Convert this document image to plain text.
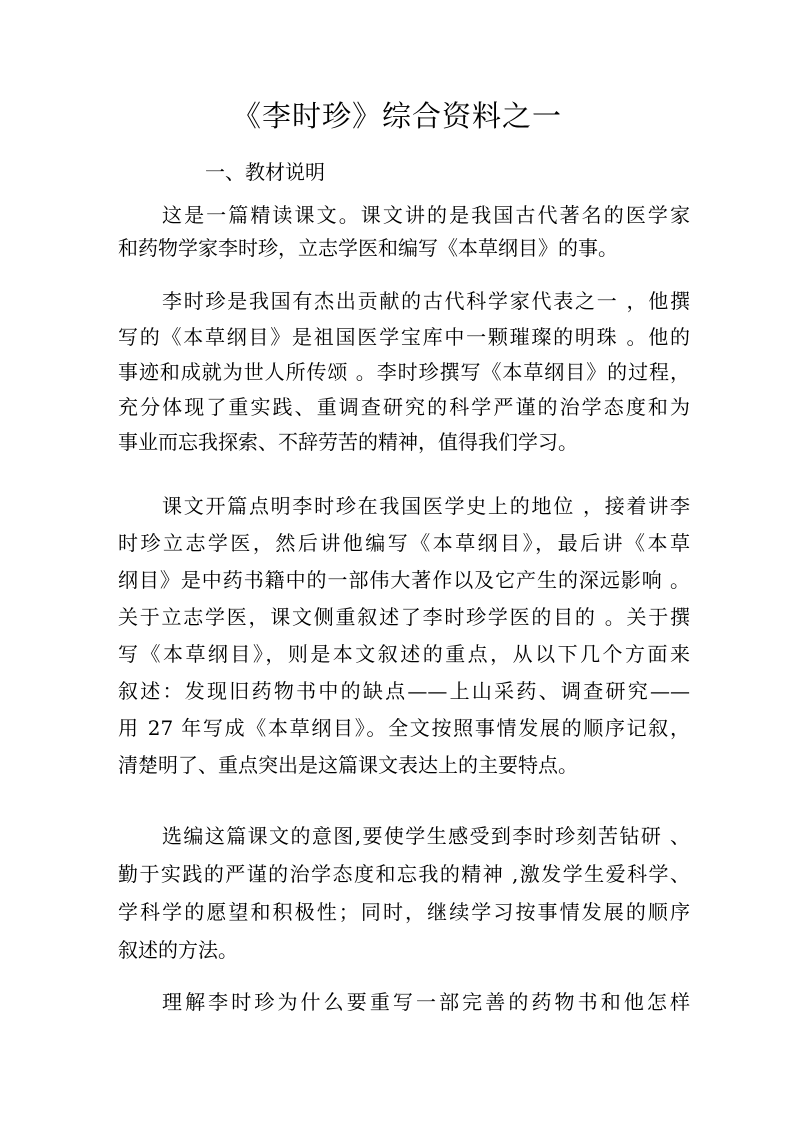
《李时珍》综合资料之一
一、教材说明
这是一篇精读课文。课文讲的是我国古代著名的医学家
和药物学家李时珍，立志学医和编写《本草纲目》的事。
李时珍是我国有杰出贡献的古代科学家代表之一 ，他撰
写的《本草纲目》是祖国医学宝库中一颗璀璨的明珠 。他的
事迹和成就为世人所传颂 。李时珍撰写《本草纲目》的过程，
充分体现了重实践、重调查研究的科学严谨的治学态度和为
事业而忘我探索、不辞劳苦的精神，值得我们学习。
课文开篇点明李时珍在我国医学史上的地位 ，接着讲李
时珍立志学医，然后讲他编写《本草纲目》，最后讲《本草
纲目》是中药书籍中的一部伟大著作以及它产生的深远影响 。
关于立志学医，课文侧重叙述了李时珍学医的目的 。关于撰
写《本草纲目》，则是本文叙述的重点，从以下几个方面来
叙述：发现旧药物书中的缺点——上山采药、调查研究——
用 27 年写成《本草纲目》。全文按照事情发展的顺序记叙，
清楚明了、重点突出是这篇课文表达上的主要特点。
选编这篇课文的意图,要使学生感受到李时珍刻苦钻研 、
勤于实践的严谨的治学态度和忘我的精神 ,激发学生爱科学、
学科学的愿望和积极性；同时，继续学习按事情发展的顺序
叙述的方法。
理解李时珍为什么要重写一部完善的药物书和他怎样
